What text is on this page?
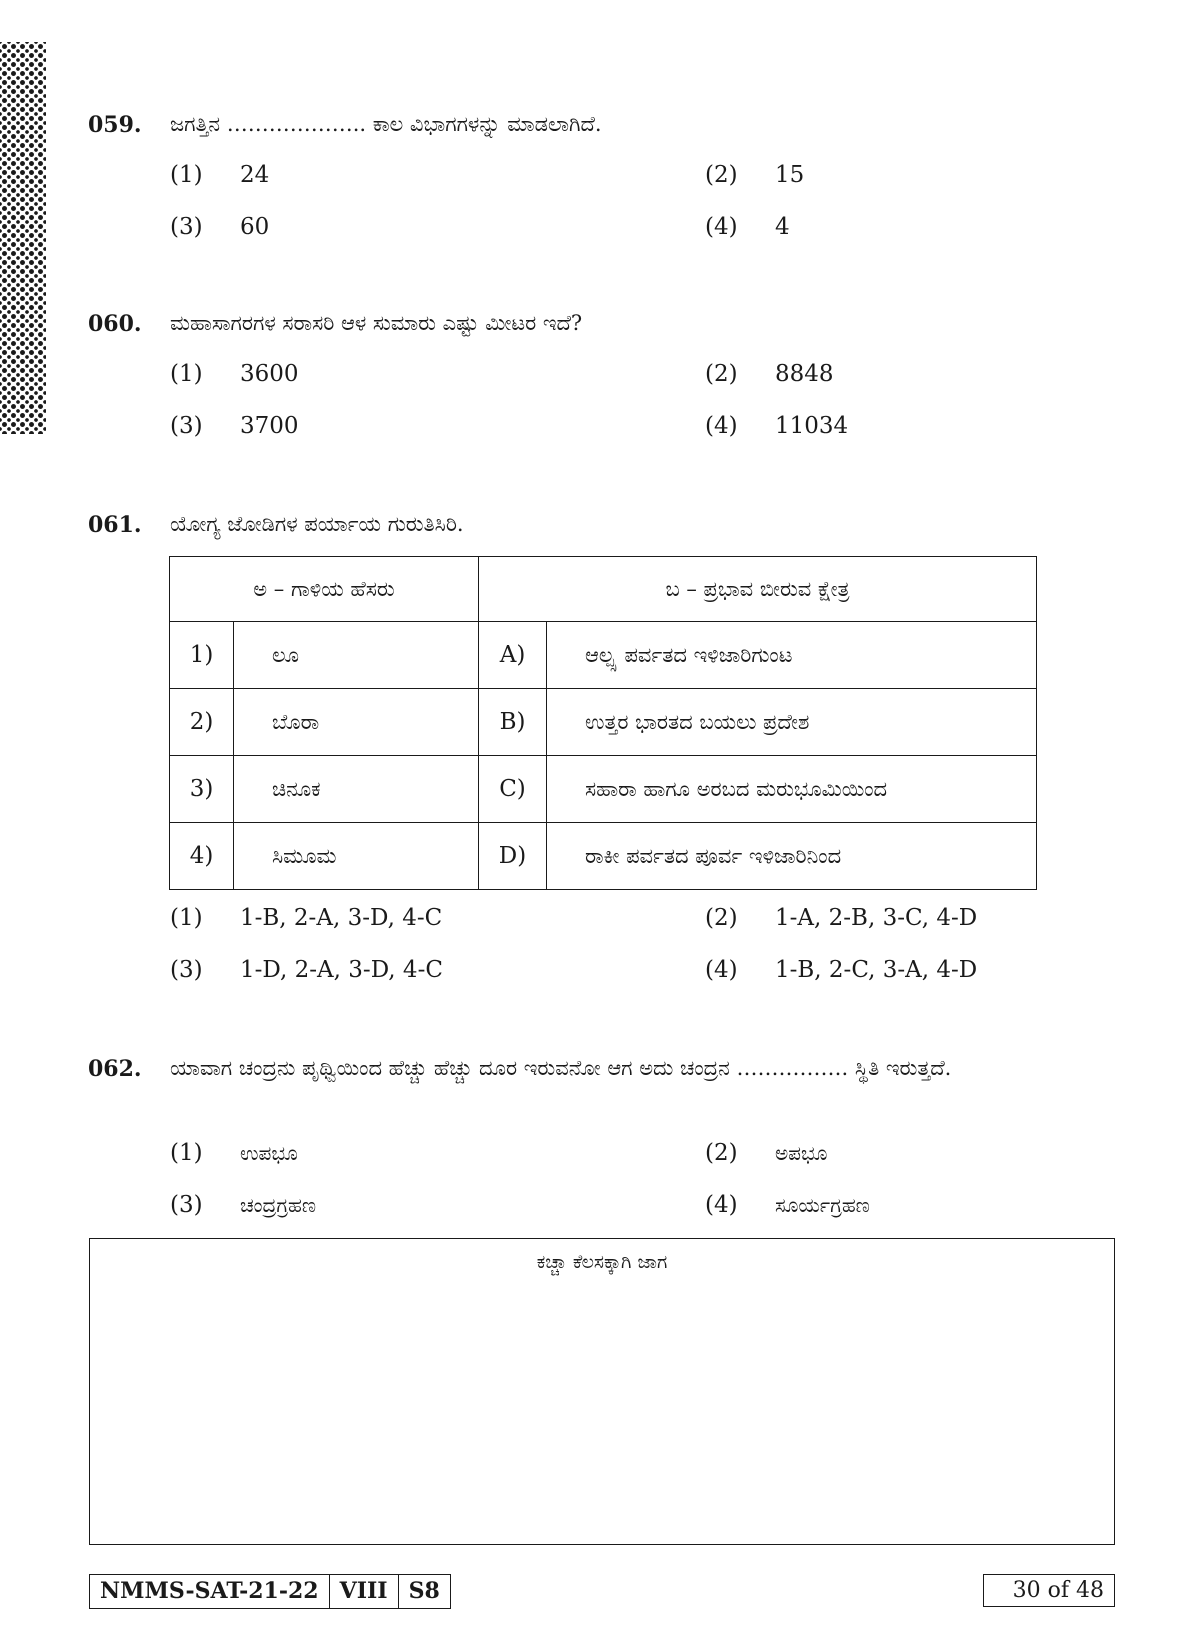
059. ಜಗತ್ತಿನ ……………….. ಕಾಲ ವಿಭಾಗಗಳನ್ನು ಮಾಡಲಾಗಿದೆ.
(1) 24	(2) 15
(3) 60	(4) 4
060. ಮಹಾಸಾಗರಗಳ ಸರಾಸರಿ ಆಳ ಸುಮಾರು ಎಷ್ಟು ಮೀಟರ ಇದೆ?
(1) 3600	(2) 8848
(3) 3700	(4) 11034
061. ಯೋಗ್ಯ ಜೋಡಿಗಳ ಪರ್ಯಾಯ ಗುರುತಿಸಿರಿ.
ಅ – ಗಾಳಿಯ ಹೆಸರು		ಬ – ಪ್ರಭಾವ ಬೀರುವ ಕ್ಷೇತ್ರ	
1)	ಲೂ	A)	ಆಲ್ಪ್ಸ ಪರ್ವತದ ಇಳಿಜಾರಿಗುಂಟ
2)	ಬೊರಾ	B)	ಉತ್ತರ ಭಾರತದ ಬಯಲು ಪ್ರದೇಶ
3)	ಚಿನೂಕ	C)	ಸಹಾರಾ ಹಾಗೂ ಅರಬದ ಮರುಭೂಮಿಯಿಂದ
4)	ಸಿಮೂಮ	D)	ರಾಕೀ ಪರ್ವತದ ಪೂರ್ವ ಇಳಿಜಾರಿನಿಂದ
(1) 1-B, 2-A, 3-D, 4-C	(2) 1-A, 2-B, 3-C, 4-D
(3) 1-D, 2-A, 3-D, 4-C	(4) 1-B, 2-C, 3-A, 4-D
062. ಯಾವಾಗ ಚಂದ್ರನು ಪೃಥ್ವಿಯಿಂದ ಹೆಚ್ಚು ಹೆಚ್ಚು ದೂರ ಇರುವನೋ ಆಗ ಅದು ಚಂದ್ರನ ……………. ಸ್ಥಿತಿ ಇರುತ್ತದೆ.
(1) ಉಪಭೂ	(2) ಅಪಭೂ
(3) ಚಂದ್ರಗ್ರಹಣ	(4) ಸೂರ್ಯಗ್ರಹಣ
ಕಚ್ಚಾ ಕೆಲಸಕ್ಕಾಗಿ ಜಾಗ
NMMS-SAT-21-22 VIII S8	30 of 48
